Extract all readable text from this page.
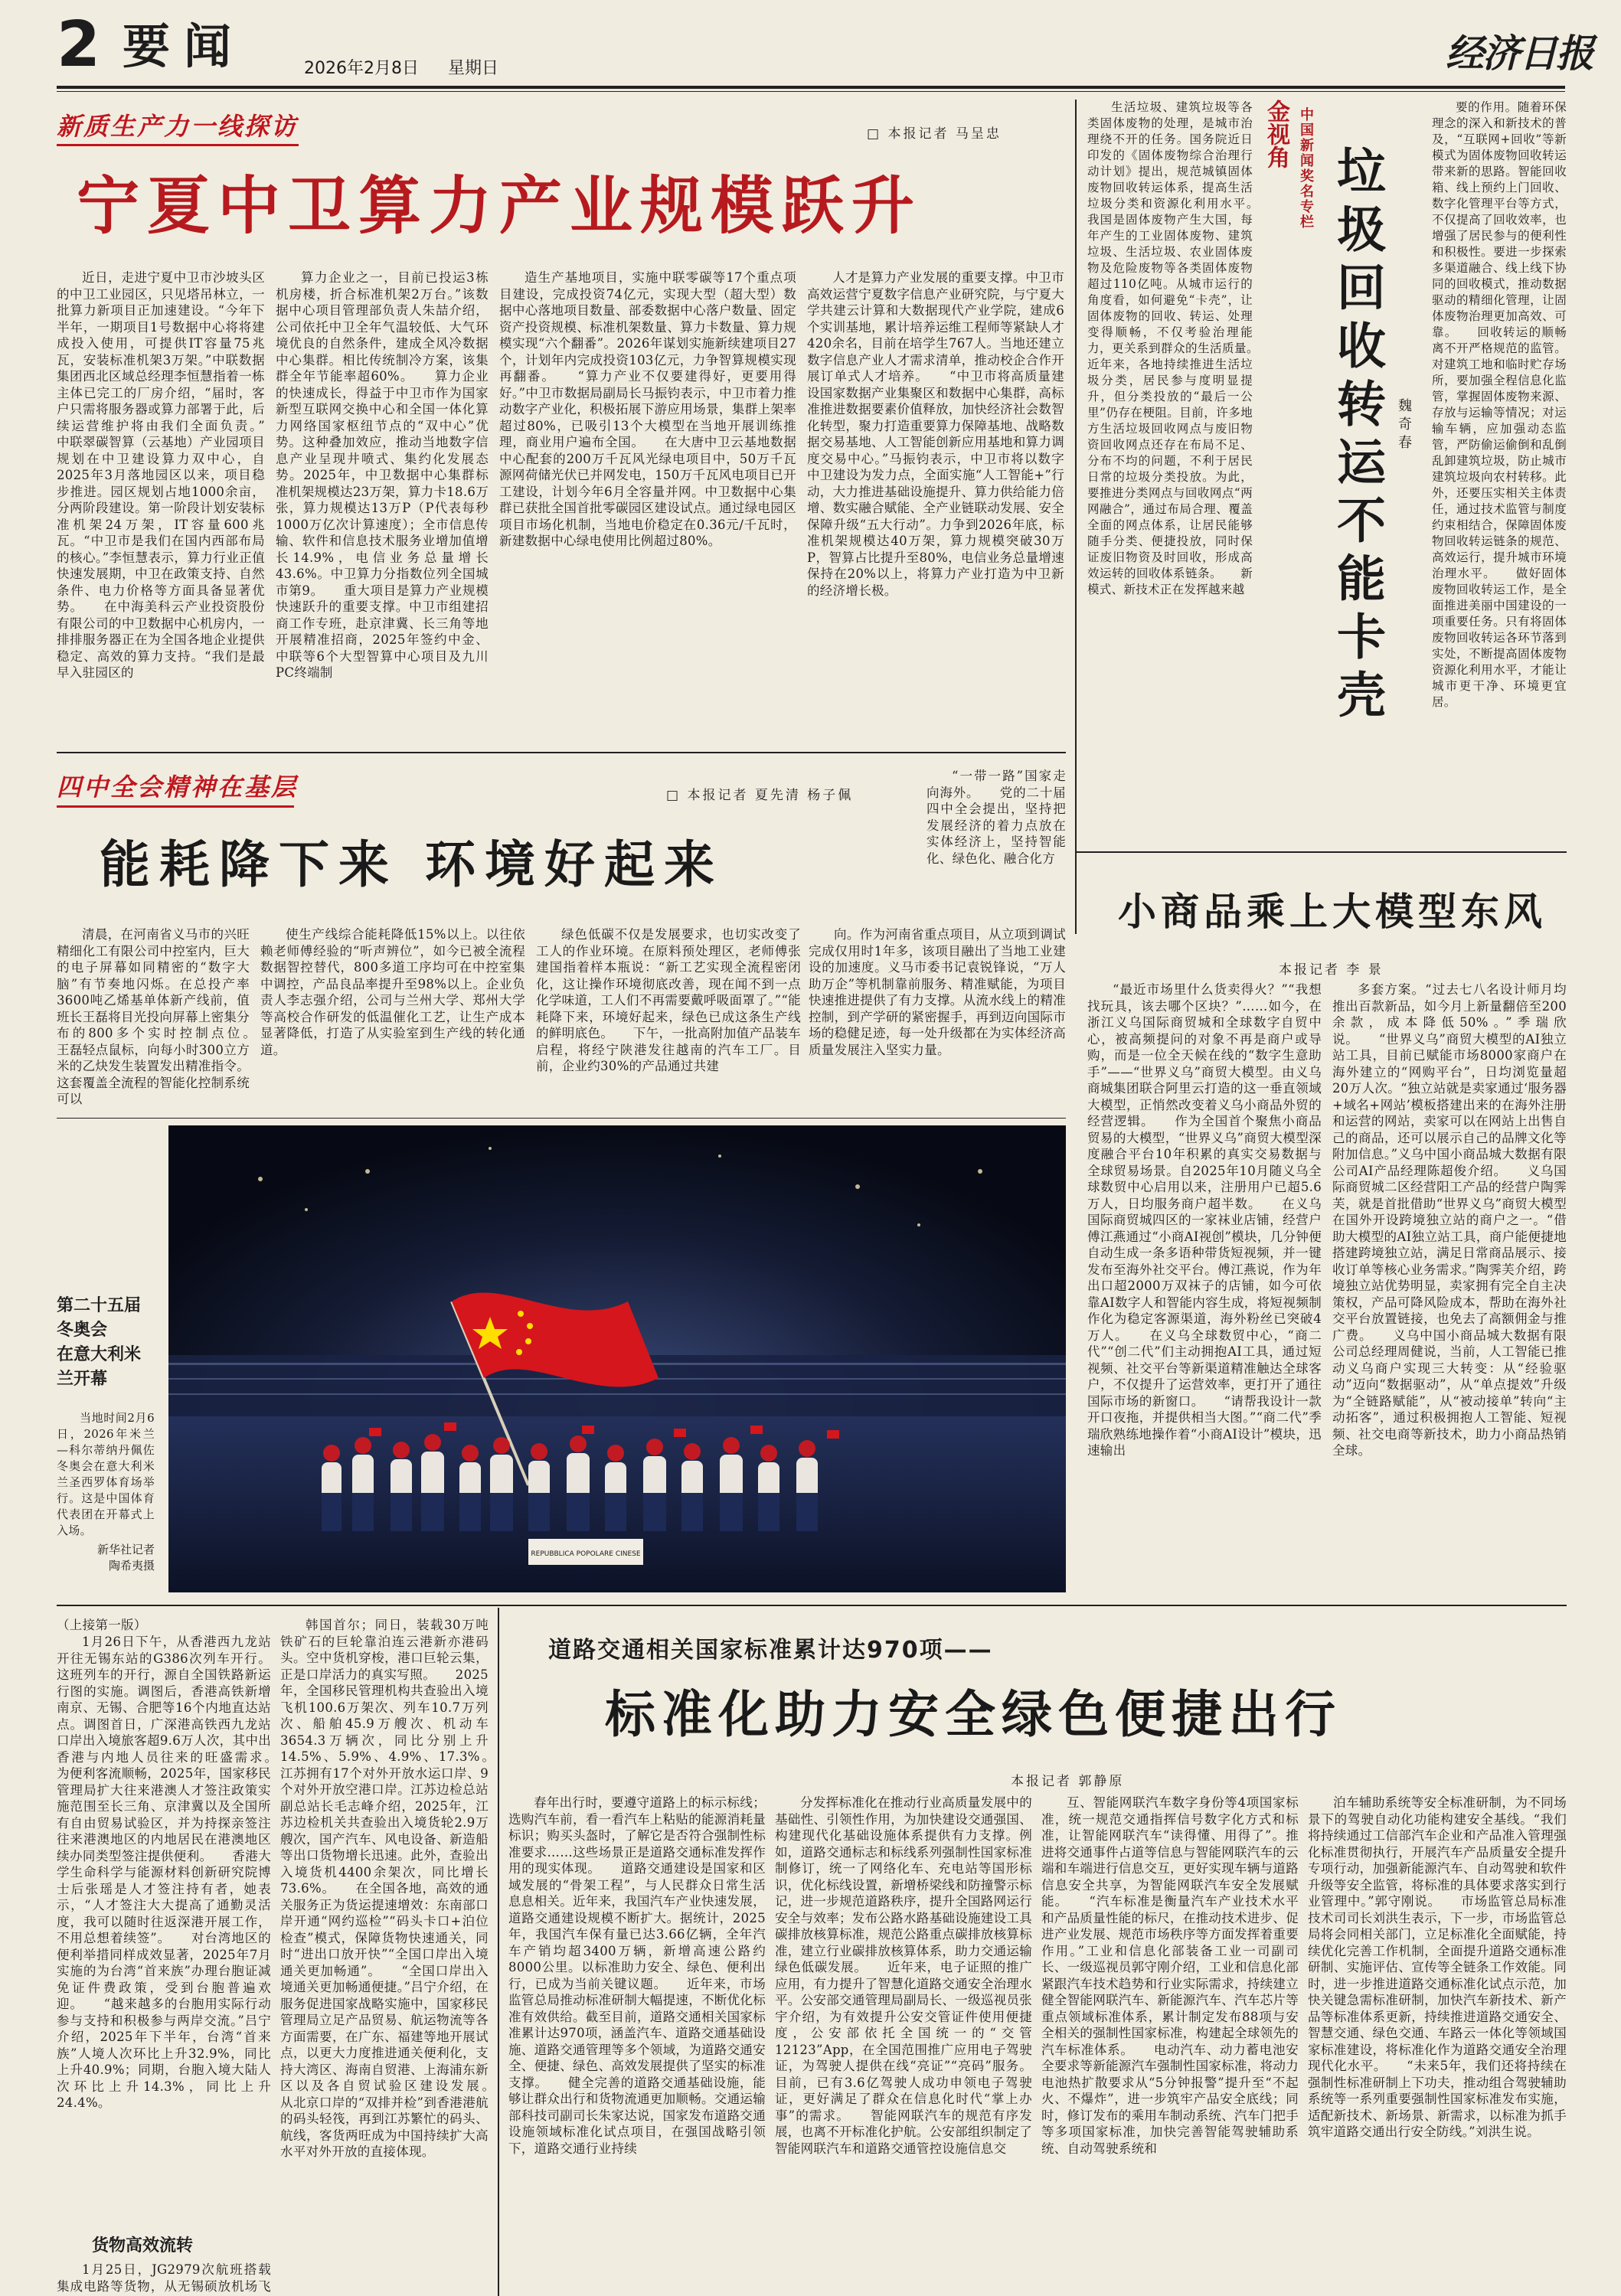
2 要闻	2026年2月8日 星期日	经济日报
新质生产力一线探访	□ 本报记者 马呈忠
宁夏中卫算力产业规模跃升
近日，走进宁夏中卫市沙坡头区的中卫工业园区，只见塔吊林立，一批算力新项目正加速建设。“今年下半年，一期项目1号数据中心将将建成投入使用，可提供IT容量75兆瓦，安装标准机架3万架。”中联数据集团西北区域总经理李恒慧指着一栋主体已完工的厂房介绍，“届时，客户只需将服务器或算力部署于此，后续运营维护将由我们全面负责。”　　中联翠碳智算（云基地）产业园项目规划在中卫建设算力双中心，自2025年3月落地园区以来，项目稳步推进。园区规划占地1000余亩，分两阶段建设。第一阶段计划安装标准机架24万架，IT容量600兆瓦。“中卫市是我们在国内西部布局的核心。”李恒慧表示，算力行业正值快速发展期，中卫在政策支持、自然条件、电力价格等方面具备显著优势。　　在中海美科云产业投资股份有限公司的中卫数据中心机房内，一排排服务器正在为全国各地企业提供稳定、高效的算力支持。“我们是最早入驻园区的
算力企业之一，目前已投运3栋机房楼，折合标准机架2万台。”该数据中心项目管理部负责人朱喆介绍，公司依托中卫全年气温较低、大气环境优良的自然条件，建成全风冷数据中心集群。相比传统制冷方案，该集群全年节能率超60%。　　算力企业的快速成长，得益于中卫市作为国家新型互联网交换中心和全国一体化算力网络国家枢纽节点的“双中心”优势。这种叠加效应，推动当地数字信息产业呈现井喷式、集约化发展态势。2025年，中卫数据中心集群标准机架规模达23万架，算力卡18.6万张，算力规模达13万P（P代表每秒1000万亿次计算速度）；全市信息传输、软件和信息技术服务业增加值增长14.9%，电信业务总量增长43.6%。中卫算力分指数位列全国城市第9。　　重大项目是算力产业规模快速跃升的重要支撑。中卫市组建招商工作专班，赴京津冀、长三角等地开展精准招商，2025年签约中金、中联等6个大型智算中心项目及九川PC终端制
造生产基地项目，实施中联零碳等17个重点项目建设，完成投资74亿元，实现大型（超大型）数据中心落地项目数量、部委数据中心落户数量、固定资产投资规模、标准机架数量、算力卡数量、算力规模实现“六个翻番”。2026年谋划实施新续建项目27个，计划年内完成投资103亿元，力争智算规模实现再翻番。　　“算力产业不仅要建得好，更要用得好。”中卫市数据局副局长马振钧表示，中卫市着力推动数字产业化，积极拓展下游应用场景，集群上架率超过80%，已吸引13个大模型在当地开展训练推理，商业用户遍布全国。　　在大唐中卫云基地数据中心配套的200万千瓦风光绿电项目中，50万千瓦源网荷储光伏已并网发电，150万千瓦风电项目已开工建设，计划今年6月全容量并网。中卫数据中心集群已获批全国首批零碳园区建设试点。通过绿电园区项目市场化机制，当地电价稳定在0.36元/千瓦时，新建数据中心绿电使用比例超过80%。
人才是算力产业发展的重要支撑。中卫市高效运营宁夏数字信息产业研究院，与宁夏大学共建云计算和大数据现代产业学院，建成6个实训基地，累计培养运维工程师等紧缺人才420余名，目前在培学生767人。当地还建立数字信息产业人才需求清单，推动校企合作开展订单式人才培养。　　“中卫市将高质量建设国家数据产业集聚区和数据中心集群，高标准推进数据要素价值释放，加快经济社会数智化转型，聚力打造重要算力保障基地、战略数据交易基地、人工智能创新应用基地和算力调度交易中心。”马振钧表示，中卫市将以数字中卫建设为发力点，全面实施“人工智能+”行动，大力推进基础设施提升、算力供给能力倍增、数实融合赋能、全产业链联动发展、安全保障升级“五大行动”。力争到2026年底，标准机架规模达40万架，算力规模突破30万P，智算占比提升至80%，电信业务总量增速保持在20%以上，将算力产业打造为中卫新的经济增长极。
生活垃圾、建筑垃圾等各类固体废物的处理，是城市治理绕不开的任务。国务院近日印发的《固体废物综合治理行动计划》提出，规范城镇固体废物回收转运体系，提高生活垃圾分类和资源化利用水平。　　我国是固体废物产生大国，每年产生的工业固体废物、建筑垃圾、生活垃圾、农业固体废物及危险废物等各类固体废物超过110亿吨。从城市运行的角度看，如何避免“卡壳”，让固体废物的回收、转运、处理变得顺畅，不仅考验治理能力，更关系到群众的生活质量。　　近年来，各地持续推进生活垃圾分类，居民参与度明显提升，但分类投放的“最后一公里”仍存在梗阻。目前，许多地方生活垃圾回收网点与废旧物资回收网点还存在布局不足、分布不均的问题，不利于居民日常的垃圾分类投放。为此，要推进分类网点与回收网点“两网融合”，通过布局合理、覆盖全面的网点体系，让居民能够随手分类、便捷投放，同时保证废旧物资及时回收，形成高效运转的回收体系链条。　　新模式、新技术正在发挥越来越
金视角 中国新闻奖名专栏 垃圾回收转运不能卡壳 魏奇春
要的作用。随着环保理念的深入和新技术的普及，“互联网+回收”等新模式为固体废物回收转运带来新的思路。智能回收箱、线上预约上门回收、数字化管理平台等方式，不仅提高了回收效率，也增强了居民参与的便利性和积极性。要进一步探索多渠道融合、线上线下协同的回收模式，推动数据驱动的精细化管理，让固体废物治理更加高效、可靠。　　回收转运的顺畅离不开严格规范的监管。对建筑工地和临时贮存场所，要加强全程信息化监管，掌握固体废物来源、存放与运输等情况；对运输车辆，应加强动态监管，严防偷运偷倒和乱倒乱卸建筑垃圾，防止城市建筑垃圾向农村转移。此外，还要压实相关主体责任，通过技术监管与制度约束相结合，保障固体废物回收转运链条的规范、高效运行，提升城市环境治理水平。　　做好固体废物回收转运工作，是全面推进美丽中国建设的一项重要任务。只有将固体废物回收转运各环节落到实处，不断提高固体废物资源化利用水平，才能让城市更干净、环境更宜居。
四中全会精神在基层	□ 本报记者 夏先清 杨子佩
能耗降下来 环境好起来
“一带一路”国家走向海外。　　党的二十届四中全会提出，坚持把发展经济的着力点放在实体经济上，坚持智能化、绿色化、融合化方
清晨，在河南省义马市的兴旺精细化工有限公司中控室内，巨大的电子屏幕如同精密的“数字大脑”有节奏地闪烁。在总投产率3600吨乙烯基单体新产线前，值班长王磊将目光投向屏幕上密集分布的800多个实时控制点位。　　王磊轻点鼠标，向每小时300立方米的乙炔发生装置发出精准指令。这套覆盖全流程的智能化控制系统可以
使生产线综合能耗降低15%以上。以往依赖老师傅经验的“听声辨位”，如今已被全流程数据智控替代，800多道工序均可在中控室集中调控，产品良品率提升至98%以上。企业负责人李志强介绍，公司与兰州大学、郑州大学等高校合作研发的低温催化工艺，让生产成本显著降低，打造了从实验室到生产线的转化通道。
绿色低碳不仅是发展要求，也切实改变了工人的作业环境。在原料预处理区，老师傅张建国指着样本瓶说：“新工艺实现全流程密闭化，这让操作环境彻底改善，现在闻不到一点化学味道，工人们不再需要戴呼吸面罩了。”“能耗降下来，环境好起来，绿色已成这条生产线的鲜明底色。　　下午，一批高附加值产品装车启程，将经宁陕港发往越南的汽车工厂。目前，企业约30%的产品通过共建
向。作为河南省重点项目，从立项到调试完成仅用时1年多，该项目融出了当地工业建设的加速度。义马市委书记袁锐锋说，“万人助万企”等机制靠前服务、精准赋能，为项目快速推进提供了有力支撑。从流水线上的精准控制，到产学研的紧密握手，再到迈向国际市场的稳健足迹，每一处升级都在为实体经济高质量发展注入坚实力量。
第二十五届冬奥会
在意大利米兰开幕
当地时间2月6日，2026年米兰—科尔蒂纳丹佩佐冬奥会在意大利米兰圣西罗体育场举行。这是中国体育代表团在开幕式上入场。
新华社记者
陶希夷摄
REPUBBLICA POPOLARE CINESE
小商品乘上大模型东风
本报记者 李 景
“最近市场里什么货卖得火？”“我想找玩具，该去哪个区块？”……如今，在浙江义乌国际商贸城和全球数字自贸中心，被高频提问的对象不再是商户或导购，而是一位全天候在线的“数字生意助手”——“世界义乌”商贸大模型。由义乌商城集团联合阿里云打造的这一垂直领域大模型，正悄然改变着义乌小商品外贸的经营逻辑。　　作为全国首个聚焦小商品贸易的大模型，“世界义乌”商贸大模型深度融合平台10年积累的真实交易数据与全球贸易场景。自2025年10月随义乌全球数贸中心启用以来，注册用户已超5.6万人，日均服务商户超半数。　　在义乌国际商贸城四区的一家袜业店铺，经营户傅江燕通过“小商AI视创”模块，几分钟便自动生成一条多语种带货短视频，并一键发布至海外社交平台。傅江燕说，作为年出口超2000万双袜子的店铺，如今可依靠AI数字人和智能内容生成，将短视频制作化为稳定客源渠道，海外粉丝已突破4万人。　　在义乌全球数贸中心，“商二代”“创二代”们主动拥抱AI工具，通过短视频、社交平台等新渠道精准触达全球客户，不仅提升了运营效率，更打开了通往国际市场的新窗口。　　“请帮我设计一款开口夜拖，并提供相当大图。”“商二代”季瑞欣熟练地操作着“小商AI设计”模块，迅速输出
多套方案。“过去七八名设计师月均推出百款新品，如今月上新量翻倍至200余款，成本降低50%。”季瑞欣说。　　“世界义乌”商贸大模型的AI独立站工具，目前已赋能市场8000家商户在海外建立的“网购平台”，日均浏览量超20万人次。“独立站就是卖家通过‘服务器+域名+网站’模板搭建出来的在海外注册和运营的网站，卖家可以在网站上出售自己的商品，还可以展示自己的品牌文化等附加信息。”义乌中国小商品城大数据有限公司AI产品经理陈超俊介绍。　　义乌国际商贸城二区经营阳工产品的经营户陶霁芙，就是首批借助“世界义乌”商贸大模型在国外开设跨境独立站的商户之一。“借助大模型的AI独立站工具，商户能便捷地搭建跨境独立站，满足日常商品展示、接收订单等核心业务需求。”陶霁芙介绍，跨境独立站优势明显，卖家拥有完全自主决策权，产品可降风险成本，帮助在海外社交平台放置链接，也免去了高额佣金与推广费。　　义乌中国小商品城大数据有限公司总经理周健说，当前，人工智能已推动义乌商户实现三大转变：从“经验驱动”迈向“数据驱动”，从“单点提效”升级为“全链路赋能”，从“被动接单”转向“主动拓客”，通过积极拥抱人工智能、短视频、社交电商等新技术，助力小商品热销全球。
（上接第一版）
1月26日下午，从香港西九龙站开往无锡东站的G386次列车开行。这班列车的开行，源自全国铁路新运行图的实施。调图后，香港高铁新增南京、无锡、合肥等16个内地直达站点。调图首日，广深港高铁西九龙站口岸出入境旅客超9.6万人次，其中出香港与内地人员往来的旺盛需求。　　为便利客流顺畅，2025年，国家移民管理局扩大往来港澳人才签注政策实施范围至长三角、京津冀以及全国所有自由贸易试验区，并为持探亲签注往来港澳地区的内地居民在港澳地区续办同类型签注提供便利。　　香港大学生命科学与能源材料创新研究院博士后张瑶是人才签注持有者，她表示，“人才签注大大提高了通勤灵活度，我可以随时往返深港开展工作，不用总想着续签”。　　对台湾地区的便利举措同样成效显著，2025年7月实施的为台湾“首来族”办理台胞证减免证件费政策，受到台胞普遍欢迎。　　“越来越多的台胞用实际行动参与支持和积极参与两岸交流。”吕宁介绍，2025年下半年，台湾“首来族”人境人次环比上升32.9%，同比上升40.9%；同期，台胞入境大陆人次环比上升14.3%，同比上升24.4%。
货物高效流转
1月25日，JG2979次航班搭载集成电路等货物，从无锡硕放机场飞
韩国首尔；同日，装载30万吨铁矿石的巨轮靠泊连云港新亦港码头。空中货机穿梭，港口巨轮云集，正是口岸活力的真实写照。　　2025年，全国移民管理机构共查验出入境飞机100.6万架次、列车10.7万列次、船舶45.9万艘次、机动车3654.3万辆次，同比分别上升14.5%、5.9%、4.9%、17.3%。　　江苏拥有17个对外开放水运口岸、9个对外开放空港口岸。江苏边检总站副总站长毛志峰介绍，2025年，江苏边检机关共查验出入境货轮2.9万艘次，国产汽车、风电设备、新造船等出口货物增长迅速。此外，查验出入境货机4400余架次，同比增长73.6%。　　在全国各地，高效的通关服务正为货运提速增效：东南部口岸开通“网约巡检”“码头卡口+泊位检查”模式，保障货物快速通关，同时“进出口放开快”“全国口岸出入境通关更加畅通”。　　“全国口岸出入境通关更加畅通便捷。”吕宁介绍，在服务促进国家战略实施中，国家移民管理局立足产品贸易、航运物流等各方面需要，在广东、福建等地开展试点，以更大力度推进通关便利化，支持大湾区、海南自贸港、上海浦东新区以及各自贸试验区建设发展。　　从北京口岸的“双排并检”到香港港航的码头轻筏，再到江苏繁忙的码头、航线，客货两旺成为中国持续扩大高水平对外开放的直接体现。
道路交通相关国家标准累计达970项——
标准化助力安全绿色便捷出行
本报记者 郭静原
春年出行时，要遵守道路上的标示标线；选购汽车前，看一看汽车上粘贴的能源消耗量标识；购买头盔时，了解它是否符合强制性标准要求……这些场景正是道路交通标准发挥作用的现实体现。　　道路交通建设是国家和区域发展的“骨架工程”，与人民群众日常生活息息相关。近年来，我国汽车产业快速发展，道路交通建设规模不断扩大。据统计，2025年，我国汽车保有量已达3.66亿辆，全年汽车产销均超3400万辆，新增高速公路约8000公里。以标准助力安全、绿色、便利出行，已成为当前关键议题。　　近年来，市场监管总局推动标准研制大幅提速，不断优化标准有效供给。截至目前，道路交通相关国家标准累计达970项，涵盖汽车、道路交通基础设施、道路交通管理等多个领域，为道路交通安全、便捷、绿色、高效发展提供了坚实的标准支撑。　　健全完善的道路交通基础设施，能够让群众出行和货物流通更加顺畅。交通运输部科技司副司长朱家达说，国家发布道路交通设施领域标准化试点项目，在强国战略引领下，道路交通行业持续
分发挥标准化在推动行业高质量发展中的基础性、引领性作用，为加快建设交通强国、构建现代化基础设施体系提供有力支撑。例如，道路交通标志和标线系列强制性国家标准制修订，统一了网络化车、充电站等国形标识，优化标线设置，新增桥梁线和防撞警示标记，进一步规范道路秩序，提升全国路网运行安全与效率；发布公路水路基础设施建设工具碳排放核算标准，规范公路重点碳排放核算标准，建立行业碳排放核算体系，助力交通运输绿色低碳发展。　　近年来，电子证照的推广应用，有力提升了智慧化道路交通安全治理水平。公安部交通管理局副局长、一级巡视员张宇介绍，为有效提升公安交管证件使用便捷度，公安部依托全国统一的“交管12123”App，在全国范围推广应用电子驾驶证，为驾驶人提供在线“亮证”“亮码”服务。目前，已有3.6亿驾驶人成功申领电子驾驶证，更好满足了群众在信息化时代“掌上办事”的需求。　　智能网联汽车的规范有序发展，也离不开标准化护航。公安部组织制定了智能网联汽车和道路交通管控设施信息交
互、智能网联汽车数字身份等4项国家标准，统一规范交通指挥信号数字化方式和标准，让智能网联汽车“读得懂、用得了”。推进将交通事件占道等信息与智能网联汽车的云端和车端进行信息交互，更好实现车辆与道路信息安全共享，为智能网联汽车安全发展赋能。　　“汽车标准是衡量汽车产业技术水平和产品质量性能的标尺，在推动技术进步、促进产业发展、规范市场秩序等方面发挥着重要作用。”工业和信息化部装备工业一司副司长、一级巡视员郭守刚介绍，工业和信息化部紧跟汽车技术趋势和行业实际需求，持续建立健全智能网联汽车、新能源汽车、汽车芯片等重点领域标准体系，累计制定发布88项与安全相关的强制性国家标准，构建起全球领先的汽车标准体系。　　电动汽车、动力蓄电池安全要求等新能源汽车强制性国家标准，将动力电池热扩散要求从“5分钟报警”提升至“不起火、不爆炸”，进一步筑牢产品安全底线；同时，修订发布的乘用车制动系统、汽车门把手等多项国家标准，加快完善智能驾驶辅助系统、自动驾驶系统和
泊车辅助系统等安全标准研制，为不同场景下的驾驶自动化功能构建安全基线。“我们将持续通过工信部汽车企业和产品准入管理强化标准贯彻执行，开展汽车产品质量安全提升专项行动，加强新能源汽车、自动驾驶和软件升级等安全监管，将标准的具体要求落实到行业管理中。”郭守刚说。　　市场监管总局标准技术司司长刘洪生表示，下一步，市场监管总局将会同相关部门，立足标准化全面赋能，持续优化完善工作机制，全面提升道路交通标准研制、实施评估、宣传等全链条工作效能。同时，进一步推进道路交通标准化试点示范，加快关键急需标准研制，加快汽车新技术、新产品等标准体系更新，持续推进道路交通安全、智慧交通、绿色交通、车路云一体化等领域国家标准建设，将标准化作为道路交通安全治理现代化水平。　　“未来5年，我们还将持续在强制性标准研制上下功夫，推动组合驾驶辅助系统等一系列重要强制性国家标准发布实施，适配新技术、新场景、新需求，以标准为抓手筑牢道路交通出行安全防线。”刘洪生说。
